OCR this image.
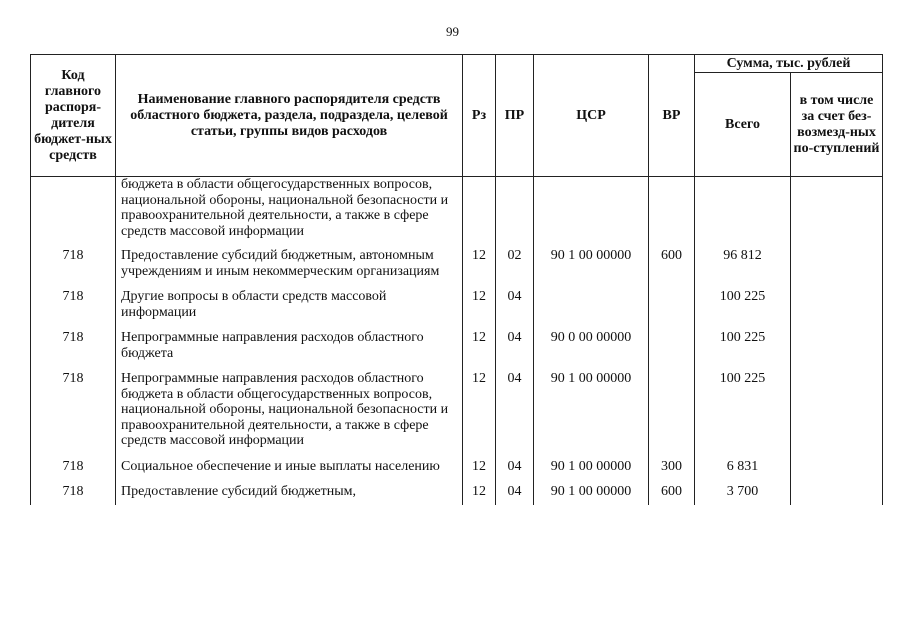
99
Код главного распоря-дителя бюджет-ных средств	Наименование главного распорядителя средств областного бюджета, раздела, подраздела, целевой статьи, группы видов расходов	Рз	ПР	ЦСР	ВР	Сумма, тыс. рублей	
						Всего	в том числе за счет без-возмезд-ных по-ступлений
	бюджета в области общегосударственных вопросов, национальной обороны, национальной безопасности и правоохранительной деятельности, а также в сфере средств массовой информации						
718	Предоставление субсидий бюджетным, автономным учреждениям и иным некоммерческим организациям	12	02	90 1 00 00000	600	96 812	
718	Другие вопросы в области средств массовой информации	12	04			100 225	
718	Непрограммные направления расходов областного бюджета	12	04	90 0 00 00000		100 225	
718	Непрограммные направления расходов областного бюджета в области общегосударственных вопросов, национальной обороны, национальной безопасности и правоохранительной деятельности, а также в сфере средств массовой информации	12	04	90 1 00 00000		100 225	
718	Социальное обеспечение и иные выплаты населению	12	04	90 1 00 00000	300	6 831	
718	Предоставление субсидий бюджетным,	12	04	90 1 00 00000	600	3 700	
